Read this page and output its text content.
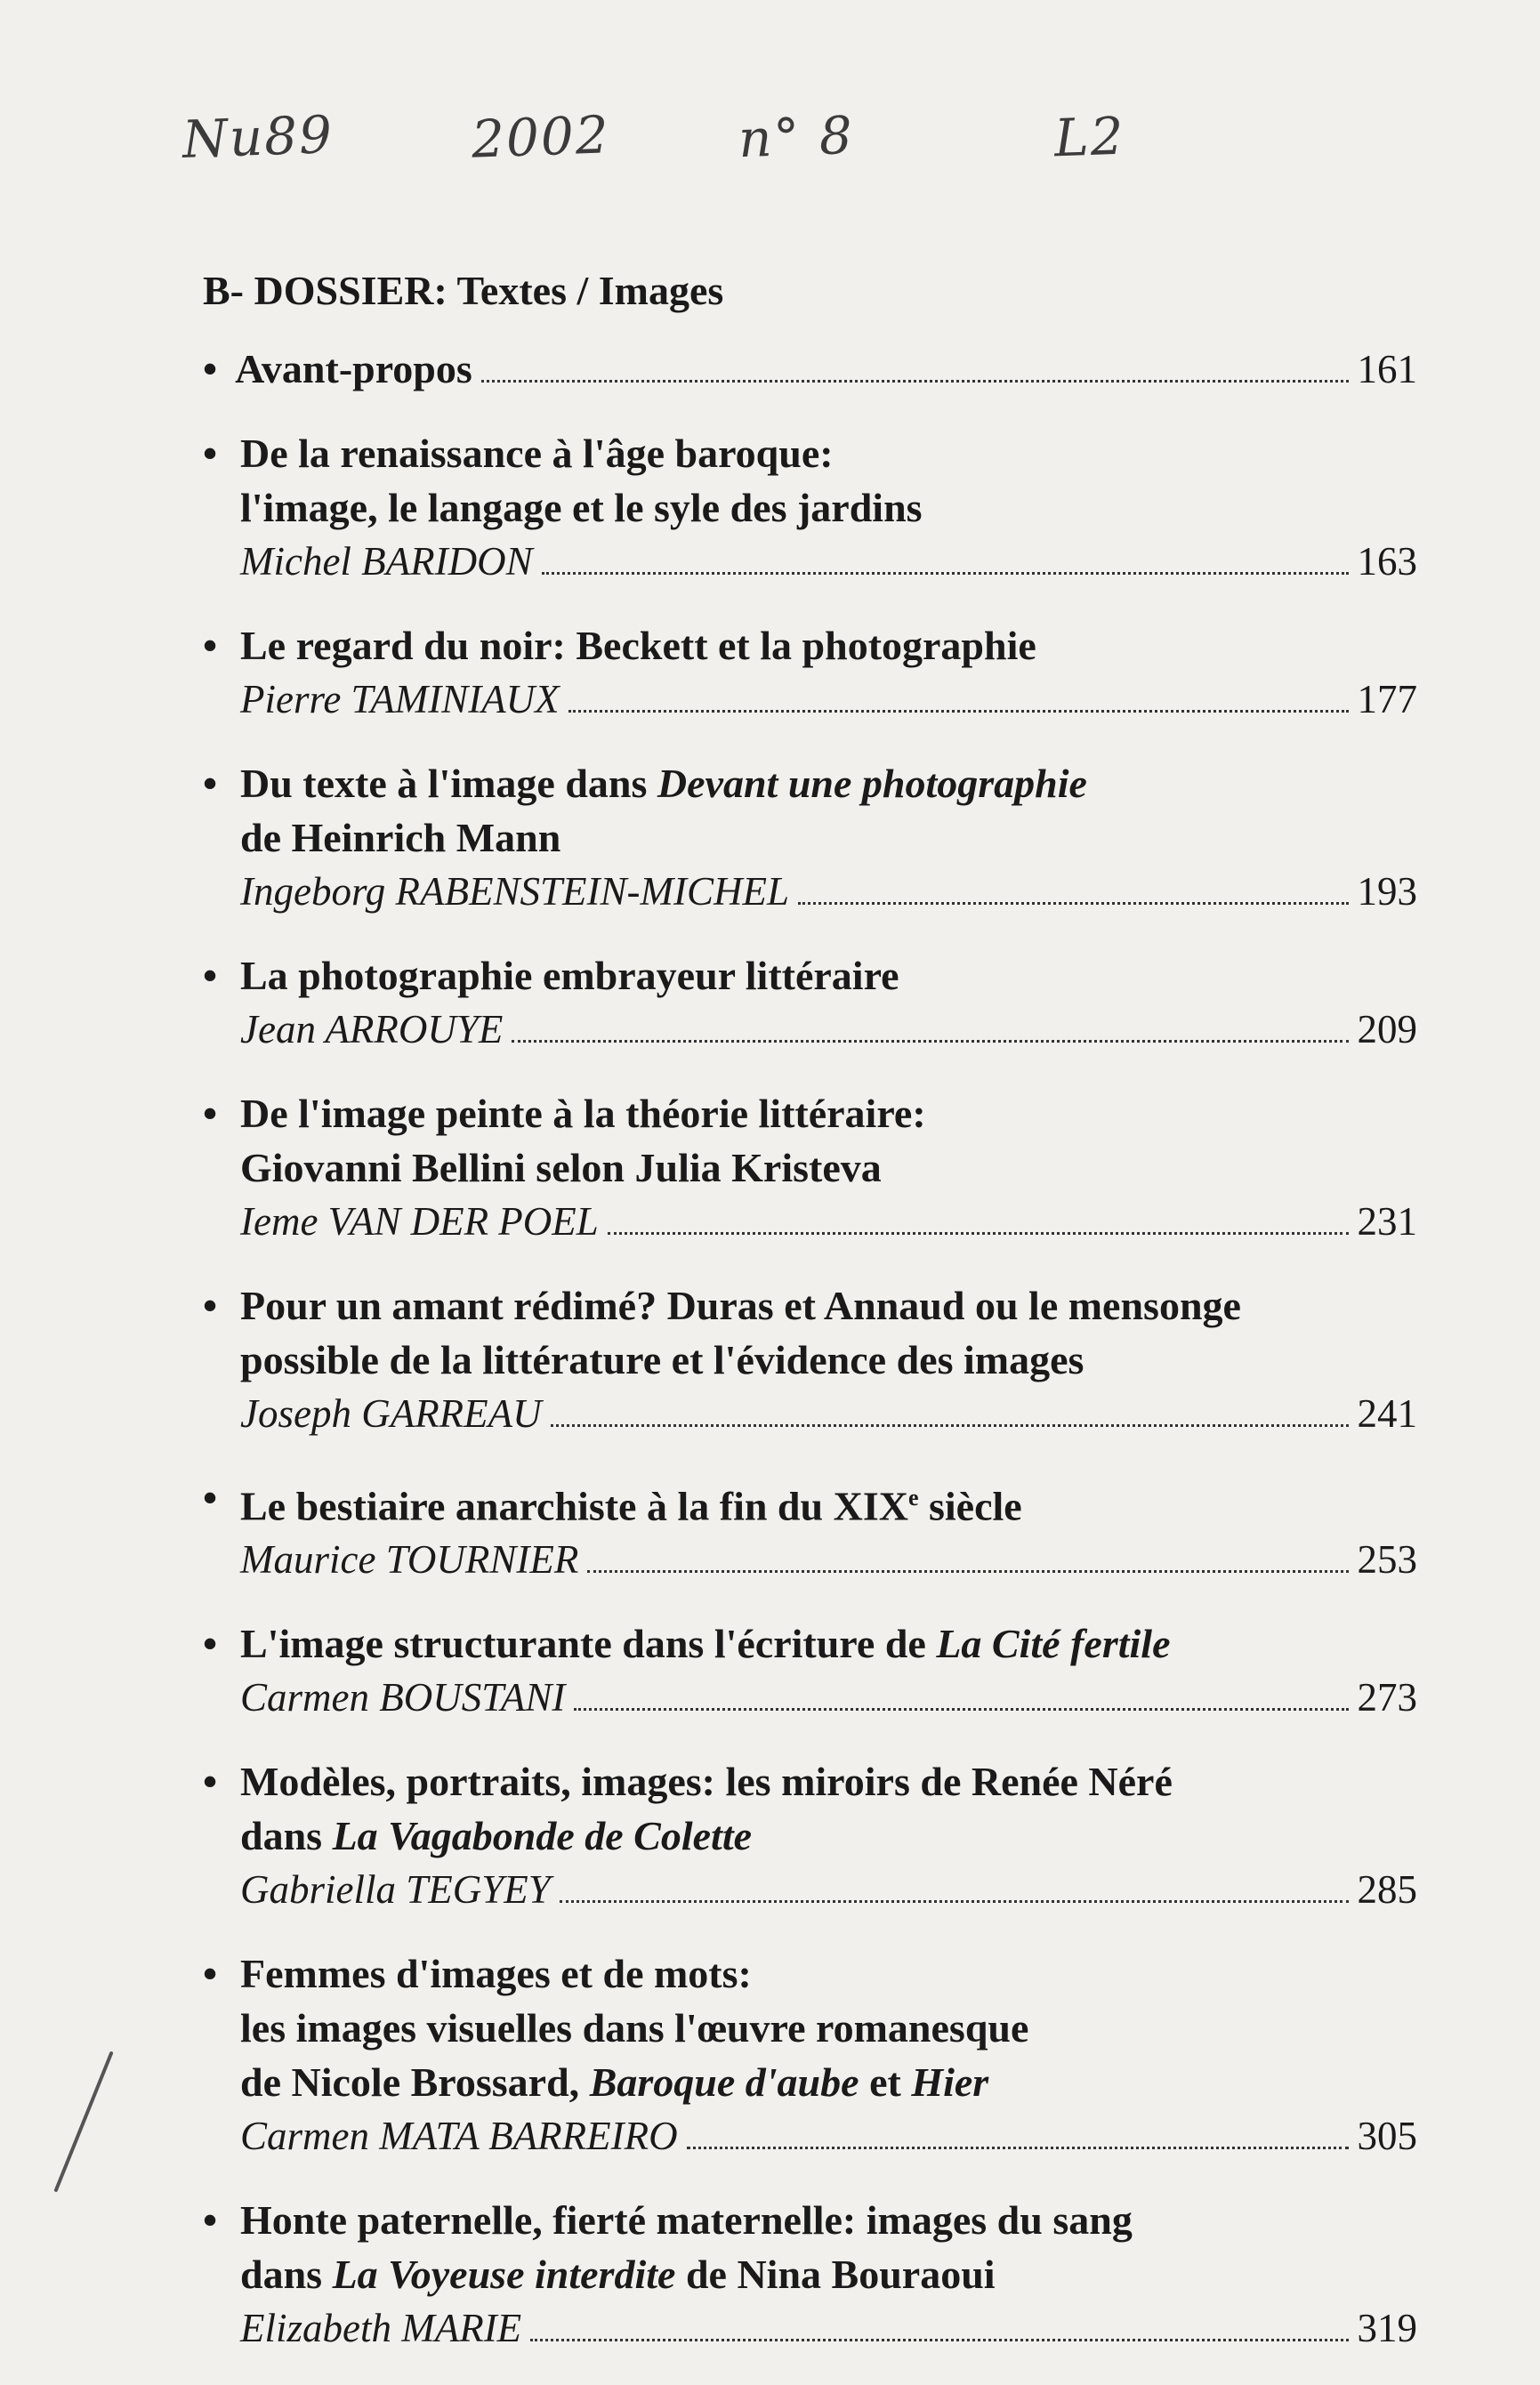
Nu89	2002 n° 8	L2
B- DOSSIER: Textes / Images
• Avant-propos	161
• De la renaissance à l'âge baroque:
l'image, le langage et le syle des jardins
Michel BARIDON	163
• Le regard du noir: Beckett et la photographie
Pierre TAMINIAUX	177
• Du texte à l'image dans Devant une photographie
de Heinrich Mann
Ingeborg RABENSTEIN-MICHEL	193
• La photographie embrayeur littéraire
Jean ARROUYE	209
• De l'image peinte à la théorie littéraire:
Giovanni Bellini selon Julia Kristeva
Ieme VAN DER POEL	231
• Pour un amant rédimé? Duras et Annaud ou le mensonge
possible de la littérature et l'évidence des images
Joseph GARREAU	241
• Le bestiaire anarchiste à la fin du XIXe siècle
Maurice TOURNIER	253
• L'image structurante dans l'écriture de La Cité fertile
Carmen BOUSTANI	273
• Modèles, portraits, images: les miroirs de Renée Néré
dans La Vagabonde de Colette
Gabriella TEGYEY	285
• Femmes d'images et de mots:
les images visuelles dans l'œuvre romanesque
de Nicole Brossard, Baroque d'aube et Hier
Carmen MATA BARREIRO	305
• Honte paternelle, fierté maternelle: images du sang
dans La Voyeuse interdite de Nina Bouraoui
Elizabeth MARIE	319
